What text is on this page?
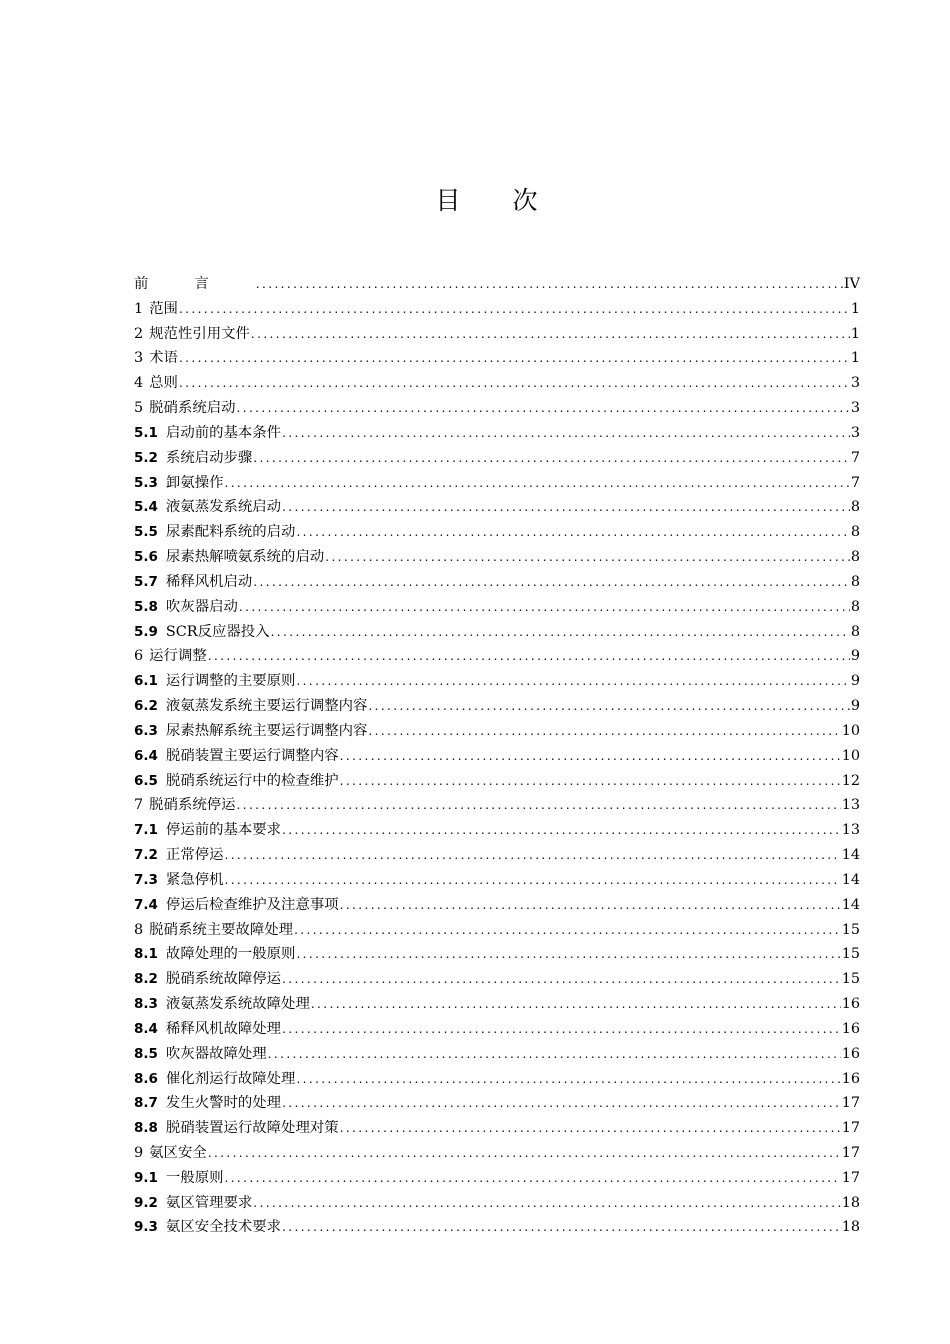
目 次
前言 .....	IV
1 范围 .....	1
2 规范性引用文件 .....	1
3 术语 .....	1
4 总则 .....	3
5 脱硝系统启动 .....	3
5.1 启动前的基本条件 .....	3
5.2 系统启动步骤 .....	7
5.3 卸氨操作 .....	7
5.4 液氨蒸发系统启动 .....	8
5.5 尿素配料系统的启动 .....	8
5.6 尿素热解喷氨系统的启动 .....	8
5.7 稀释风机启动 .....	8
5.8 吹灰器启动 .....	8
5.9 SCR反应器投入 .....	8
6 运行调整 .....	9
6.1 运行调整的主要原则 .....	9
6.2 液氨蒸发系统主要运行调整内容 .....	9
6.3 尿素热解系统主要运行调整内容 .....	10
6.4 脱硝装置主要运行调整内容 .....	10
6.5 脱硝系统运行中的检查维护 .....	12
7 脱硝系统停运 .....	13
7.1 停运前的基本要求 .....	13
7.2 正常停运 .....	14
7.3 紧急停机 .....	14
7.4 停运后检查维护及注意事项 .....	14
8 脱硝系统主要故障处理 .....	15
8.1 故障处理的一般原则 .....	15
8.2 脱硝系统故障停运 .....	15
8.3 液氨蒸发系统故障处理 .....	16
8.4 稀释风机故障处理 .....	16
8.5 吹灰器故障处理 .....	16
8.6 催化剂运行故障处理 .....	16
8.7 发生火警时的处理 .....	17
8.8 脱硝装置运行故障处理对策 .....	17
9 氨区安全 .....	17
9.1 一般原则 .....	17
9.2 氨区管理要求 .....	18
9.3 氨区安全技术要求 .....	18
